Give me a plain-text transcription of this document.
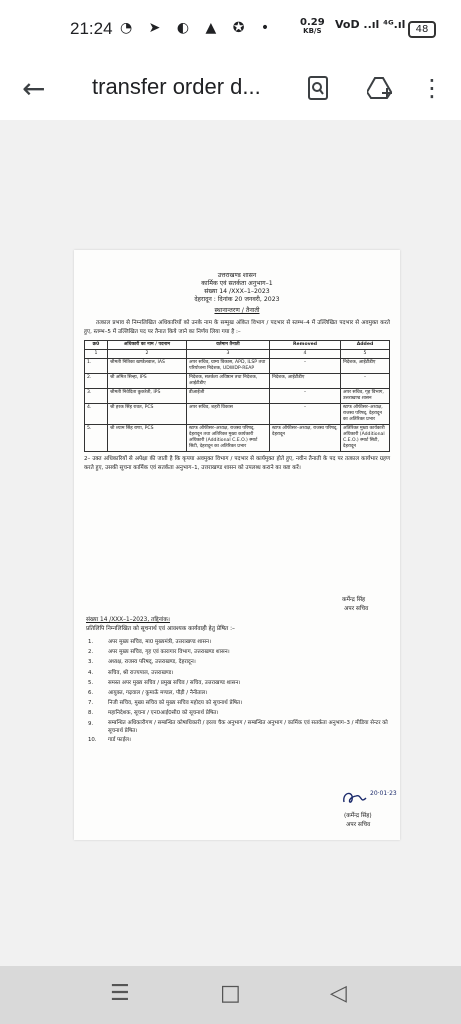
21:24 ◔ ➤ ◐ ▲ ✪ • 0.29
KB/S VoD ..ıl ⁴ᴳ.ıl	48
← transfer order d...	⋮
उत्तराखण्ड शासन
कार्मिक एवं सतर्कता अनुभाग–1
संख्या 14 /XXX–1–2023
देहरादून : दिनांक 20 जनवरी, 2023
स्थानान्तरण / तैनाती
तत्काल प्रभाव से निम्नलिखित अधिकारियों को उनके नाम के सम्मुख अंकित विभाग / पदभार से स्तम्भ–4 में उल्लिखित पदभार से अवमुक्त करते हुए, स्तम्भ–5 में उल्लिखित पद पर तैनात किये जाने का निर्णय लिया गया है :–
क्र0	अधिकारी का नाम / पदनाम	वर्तमान तैनाती	Removed	Added
1	2	3	4	5
1.	श्रीमती नितिका खण्डेलवाल, IAS	अपर सचिव, ग्राम्य विकास, APD, ILSP तथा परियोजना निदेशक, UDWDP-REAP	–	निदेशक, आईटीडीए
2.	श्री अमित सिन्हा, IPS	निदेशक, सतर्कता अधिष्ठान तथा निदेशक, आईटीडीए	निदेशक, आईटीडीए	–
3.	श्रीमती निवेदिता कुकरेती, IPS	डीआईजी	–	अपर सचिव, गृह विभाग, उत्तराखण्ड शासन
4.	श्री हरक सिंह रावत, PCS	अपर सचिव, शहरी विकास	–	स्टाफ ऑफीसर–अध्यक्ष, राजस्व परिषद्, देहरादून का अतिरिक्त प्रभार
5.	श्री श्याम सिंह राणा, PCS	स्टाफ ऑफीसर–अध्यक्ष, राजस्व परिषद्, देहरादून तथा अतिरिक्त मुख्य कार्यकारी अधिकारी (Additional C.E.O.) स्मार्ट सिटी, देहरादून का अतिरिक्त प्रभार	स्टाफ ऑफीसर–अध्यक्ष, राजस्व परिषद्, देहरादून	अतिरिक्त मुख्य कार्यकारी अधिकारी (Additional C.E.O.) स्मार्ट सिटी, देहरादून
2– उक्त अधिकारियों से अपेक्षा की जाती है कि कृपया अवमुक्त विभाग / पदभार से कार्यमुक्त होते हुए, नवीन तैनाती के पद पर तत्काल कार्यभार ग्रहण करते हुए, उसकी सूचना कार्मिक एवं सतर्कता अनुभाग–1, उत्तराखण्ड शासन को उपलब्ध कराने का कष्ट करें।
कर्मेन्द्र सिंह
अपर सचिव
संख्या 14 /XXX–1–2023, तद्दिनांक।
प्रतिलिपि निम्नलिखित को सूचनार्थ एवं आवश्यक कार्यवाही हेतु प्रेषित :–
1.	अपर मुख्य सचिव, मा0 मुख्यमंत्री, उत्तराखण्ड शासन।
2.	अपर मुख्य सचिव, गृह एवं कारागार विभाग, उत्तराखण्ड शासन।
3.	अध्यक्ष, राजस्व परिषद्, उत्तराखण्ड, देहरादून।
4.	सचिव, श्री राज्यपाल, उत्तराखण्ड।
5.	समस्त अपर मुख्य सचिव / प्रमुख सचिव / सचिव, उत्तराखण्ड शासन।
6.	आयुक्त, गढ़वाल / कुमाऊँ मण्डल, पौड़ी / नैनीताल।
7.	निजी सचिव, मुख्य सचिव को मुख्य सचिव महोदय को सूचनार्थ प्रेषित।
8.	महानिदेशक, सूचना / एन0आई0सी0 को सूचनार्थ प्रेषित।
9.	सम्बन्धित अधिकारीगण / सम्बन्धित कोषाधिकारी / इरला चैक अनुभाग / सम्बन्धित अनुभाग / कार्मिक एवं सतर्कता अनुभाग–3 / मीडिया सेन्टर को सूचनार्थ प्रेषित।
10.	गार्ड फाईल।
20·01·23
(कर्मेन्द्र सिंह)
अपर सचिव
☰	□	◁
